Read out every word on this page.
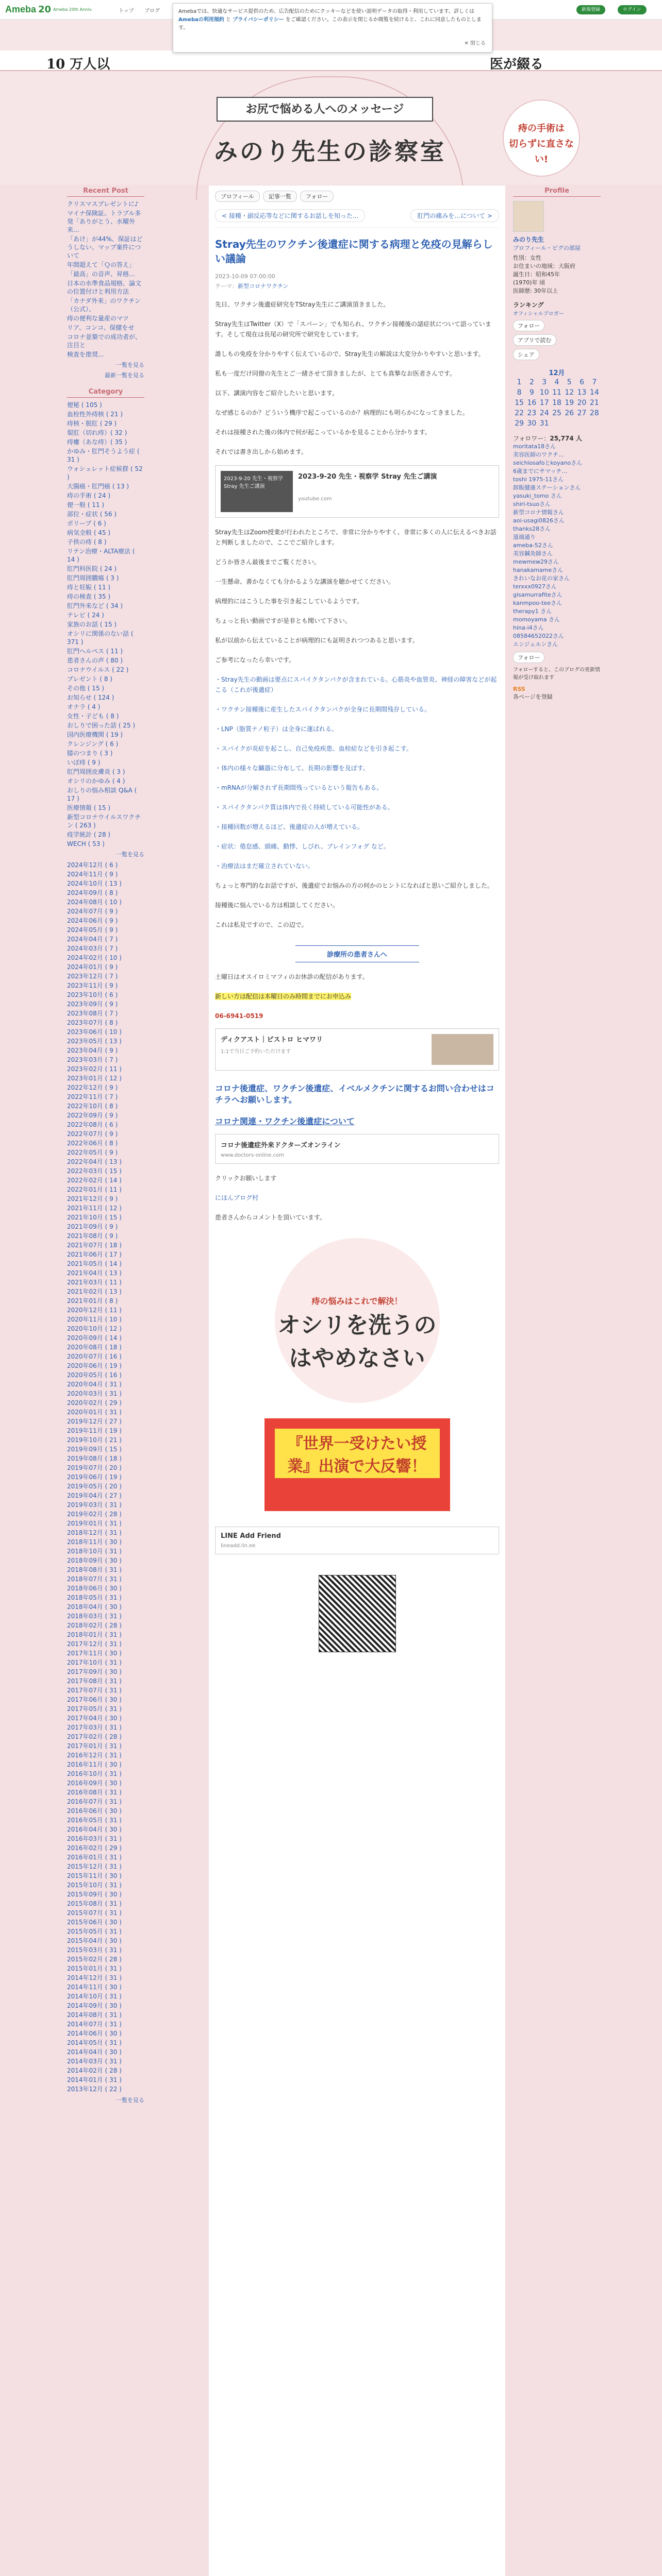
Ameba 20 Ameba 20th Anniv.	新規登録	ログイン
トップ ブログ	Amebaでは、快適なサービス提供のため、広告配信のためにクッキーなどを使い説明データの取得・利用しています。詳しくは Amebaの利用規約 と プライバシーポリシー をご確認ください。この表示を閉じるか閲覧を続けると、これに同意したものとします。
✕ 閉じる
10 万人以	医が綴る
お尻で悩める人へのメッセージ
みのり先生の診察室
痔の手術は
切らずに直さない!
Recent Post
クリスマスプレゼントに♪
マイナ保険証、トラブル多発「ありがとう、水曜外来...
「あけ」が44%、保証はどうしない、マップ案件について
年間超えて「Ｑの答え」
「最高」の音声、昇格…
日本の水準食品規格、論文の位置付けと利用方法
「カナダ外来」のワクチン（公式）、
痔の便利な量産のマツ
リア、コンコ、保健をせ
コロナ並築での成功者が、注目と
検査を推奨...
一覧を見る
最新一覧を見る
Category
便秘 ( 105 )
血栓性外痔核 ( 21 )
痔核・脱肛 ( 29 )
裂肛（切れ痔）( 32 )
痔瘻（あな痔）( 35 )
かゆみ・肛門そうよう症 ( 31 )
ウォシュレット症候群 ( 52 )
大腸癌・肛門癌 ( 13 )
痔の手術 ( 24 )
便一般 ( 11 )
部位・症状 ( 56 )
ポリープ ( 6 )
病気全般 ( 45 )
子供の痔 ( 8 )
リテン治療・ALTA療法 ( 14 )
肛門科医院 ( 24 )
肛門周囲膿瘍 ( 3 )
痔と妊娠 ( 11 )
痔の検査 ( 35 )
肛門外来など ( 34 )
テレビ ( 24 )
家族のお話 ( 15 )
オシリに関係のない話 ( 371 )
肛門ヘルペス ( 11 )
患者さんの声 ( 80 )
コロナウイルス ( 22 )
プレゼント ( 8 )
その他 ( 15 )
お知らせ ( 124 )
オナラ ( 4 )
女性・子ども ( 8 )
おしりで困った話 ( 25 )
国内医療機関 ( 19 )
クレンジング ( 6 )
膝のつまり ( 3 )
いぼ痔 ( 9 )
肛門周囲皮膚炎 ( 3 )
オシリのかゆみ ( 4 )
おしりの悩み相談 Q&A ( 17 )
医療情報 ( 15 )
新型コロナウイルスワクチン ( 263 )
疫学統計 ( 28 )
WECH ( 53 )
一覧を見る
2024年12月 ( 6 )
2024年11月 ( 9 )
2024年10月 ( 13 )
2024年09月 ( 8 )
2024年08月 ( 10 )
2024年07月 ( 9 )
2024年06月 ( 9 )
2024年05月 ( 9 )
2024年04月 ( 7 )
2024年03月 ( 7 )
2024年02月 ( 10 )
2024年01月 ( 9 )
2023年12月 ( 7 )
2023年11月 ( 9 )
2023年10月 ( 6 )
2023年09月 ( 9 )
2023年08月 ( 7 )
2023年07月 ( 8 )
2023年06月 ( 10 )
2023年05月 ( 13 )
2023年04月 ( 9 )
2023年03月 ( 7 )
2023年02月 ( 11 )
2023年01月 ( 12 )
2022年12月 ( 9 )
2022年11月 ( 7 )
2022年10月 ( 8 )
2022年09月 ( 9 )
2022年08月 ( 6 )
2022年07月 ( 9 )
2022年06月 ( 8 )
2022年05月 ( 9 )
2022年04月 ( 13 )
2022年03月 ( 15 )
2022年02月 ( 14 )
2022年01月 ( 11 )
2021年12月 ( 9 )
2021年11月 ( 12 )
2021年10月 ( 15 )
2021年09月 ( 9 )
2021年08月 ( 9 )
2021年07月 ( 18 )
2021年06月 ( 17 )
2021年05月 ( 14 )
2021年04月 ( 13 )
2021年03月 ( 11 )
2021年02月 ( 13 )
2021年01月 ( 8 )
2020年12月 ( 11 )
2020年11月 ( 10 )
2020年10月 ( 12 )
2020年09月 ( 14 )
2020年08月 ( 18 )
2020年07月 ( 16 )
2020年06月 ( 19 )
2020年05月 ( 16 )
2020年04月 ( 31 )
2020年03月 ( 31 )
2020年02月 ( 29 )
2020年01月 ( 31 )
2019年12月 ( 27 )
2019年11月 ( 19 )
2019年10月 ( 21 )
2019年09月 ( 15 )
2019年08月 ( 18 )
2019年07月 ( 20 )
2019年06月 ( 19 )
2019年05月 ( 20 )
2019年04月 ( 27 )
2019年03月 ( 31 )
2019年02月 ( 28 )
2019年01月 ( 31 )
2018年12月 ( 31 )
2018年11月 ( 30 )
2018年10月 ( 31 )
2018年09月 ( 30 )
2018年08月 ( 31 )
2018年07月 ( 31 )
2018年06月 ( 30 )
2018年05月 ( 31 )
2018年04月 ( 30 )
2018年03月 ( 31 )
2018年02月 ( 28 )
2018年01月 ( 31 )
2017年12月 ( 31 )
2017年11月 ( 30 )
2017年10月 ( 31 )
2017年09月 ( 30 )
2017年08月 ( 31 )
2017年07月 ( 31 )
2017年06月 ( 30 )
2017年05月 ( 31 )
2017年04月 ( 30 )
2017年03月 ( 31 )
2017年02月 ( 28 )
2017年01月 ( 31 )
2016年12月 ( 31 )
2016年11月 ( 30 )
2016年10月 ( 31 )
2016年09月 ( 30 )
2016年08月 ( 31 )
2016年07月 ( 31 )
2016年06月 ( 30 )
2016年05月 ( 31 )
2016年04月 ( 30 )
2016年03月 ( 31 )
2016年02月 ( 29 )
2016年01月 ( 31 )
2015年12月 ( 31 )
2015年11月 ( 30 )
2015年10月 ( 31 )
2015年09月 ( 30 )
2015年08月 ( 31 )
2015年07月 ( 31 )
2015年06月 ( 30 )
2015年05月 ( 31 )
2015年04月 ( 30 )
2015年03月 ( 31 )
2015年02月 ( 28 )
2015年01月 ( 31 )
2014年12月 ( 31 )
2014年11月 ( 30 )
2014年10月 ( 31 )
2014年09月 ( 30 )
2014年08月 ( 31 )
2014年07月 ( 31 )
2014年06月 ( 30 )
2014年05月 ( 31 )
2014年04月 ( 30 )
2014年03月 ( 31 )
2014年02月 ( 28 )
2014年01月 ( 31 )
2013年12月 ( 22 )
一覧を見る
プロフィール	記事一覧	フォロー
< 接種・副反応等などに関するお話しを知った...	肛門の痛みを…について >
Stray先生のワクチン後遺症に関する病理と免疫の見解らしい議論
2023-10-09 07:00:00
テーマ：新型コロナワクチン

先日、ワクチン後遺症研究をTStray先生にご講演頂きました。

Stray先生はTwitter（X）で「スパーン」でも知られ、ワクチン接種後の諸症状について語っています。そして現在は長尾の研究所で研究をしています。

誰しもの免疫を分かりやすく伝えているので、Stray先生の解説は大変分かりやすいと思います。

私も一度だけ同僚の先生とご一緒させて頂きましたが、とても真摯なお医者さんです。

以下、講演内容をご紹介したいと思います。

なぜ感じるのか？どういう機序で起こっているのか？病理的にも明らかになってきました。

それは接種された後の体内で何が起こっているかを見ることから分かります。

それでは書き出しから始めます。

2023-9-20 先生・視察学 Stray 先生ご講演
2023-9-20 先生・視察学 Stray 先生ご講演
youtube.com

Stray先生はZoom授業が行われたところで、非常に分かりやすく、非常に多くの人に伝えるべきお話と判断しましたので、ここでご紹介します。

どうか皆さん最後までご覧ください。

一生懸命、書かなくても分かるような講演を聴かせてください。

病理的にはこうした事を引き起こしているようです。

ちょっと長い動画ですが是非とも聞いて下さい。

私が以前から伝えていることが病理的にも証明されつつあると思います。

ご参考になったら幸いです。

・Stray先生の動画は要点にスパイクタンパクが含まれている。心筋炎や血管炎、神経の障害などが起こる（これが後遺症）

・ワクチン接種後に産生したスパイクタンパクが全身に長期間残存している。

・LNP（脂質ナノ粒子）は全身に運ばれる。

・スパイクが炎症を起こし、自己免疫疾患、血栓症などを引き起こす。

・体内の様々な臓器に分布して、長期の影響を及ぼす。

・mRNAが分解されず長期間残っているという報告もある。

・スパイクタンパク質は体内で長く持続している可能性がある。

・接種回数が増えるほど、後遺症の人が増えている。

・症状：倦怠感、頭痛、動悸、しびれ、ブレインフォグ など。

・治療法はまだ確立されていない。

ちょっと専門的なお話ですが、後遺症でお悩みの方の何かのヒントになればと思いご紹介しました。

接種後に悩んでいる方は相談してください。

これは私見ですので、この辺で。

診療所の患者さんへ

土曜日はオスイロミマフィのお休診の配信があります。

新しい方は配信は本曜日のみ時間までにお申込み

06-6941-0519

ディクアスト｜ピストロ ヒマワリ
1:1で当日ご予約いただけます
コロナ後遺症、ワクチン後遺症、イベルメクチンに関するお問い合わせはコチラへお願いします。
コロナ関連・ワクチン後遺症について
コロナ後遺症外来ドクターズオンライン
www.doctors-online.com

クリックお願いします

にほんブログ村

患者さんからコメントを頂いています。

痔の悩みはこれで解決！
オシリを洗うのはやめなさい
『世界一受けたい授業』出演で大反響！
LINE Add Friend
lineadd.lin.ee
Profile
みのり先生
プロフィール・ピグの部屋
性別：女性
お住まいの地域：大阪府
誕生日：昭和45年
(1970)年 頃
医師歴: 30年以上
ランキング
オフィシャルブロガー
フォロー
アプリで読む
シェア
12月
1	2	3	4	5	6	7
8	9	10	11	12	13	14
15	16	17	18	19	20	21
22	23	24	25	26	27	28
29	30	31				
フォロワー：25,774 人
moritata18さん
美容医師のワクチ…
seichiosafoとkoyanoさん
6歳までにサマッチ…
toshi 1975-11さん
卸販健康ステーションさん
yasuki_tomo さん
shiri-tsuoさん
新型コロナ情報さん
aoi-usagi0826さん
thanks28さん
道端通り
ameba-52さん
美容鍼灸師さん
mewmew29さん
hanakamameさん
きれいなお花の家さん
terxxx0927さん
gisamurrafiteさん
kanmpoo-teeさん
therapy1 さん
momoyama さん
hina-i4さん
08584652022さん
エンジェルンさん
フォロー
フォローすると、このブログの更新情報が受け取れます
RSS
各ページを登録
